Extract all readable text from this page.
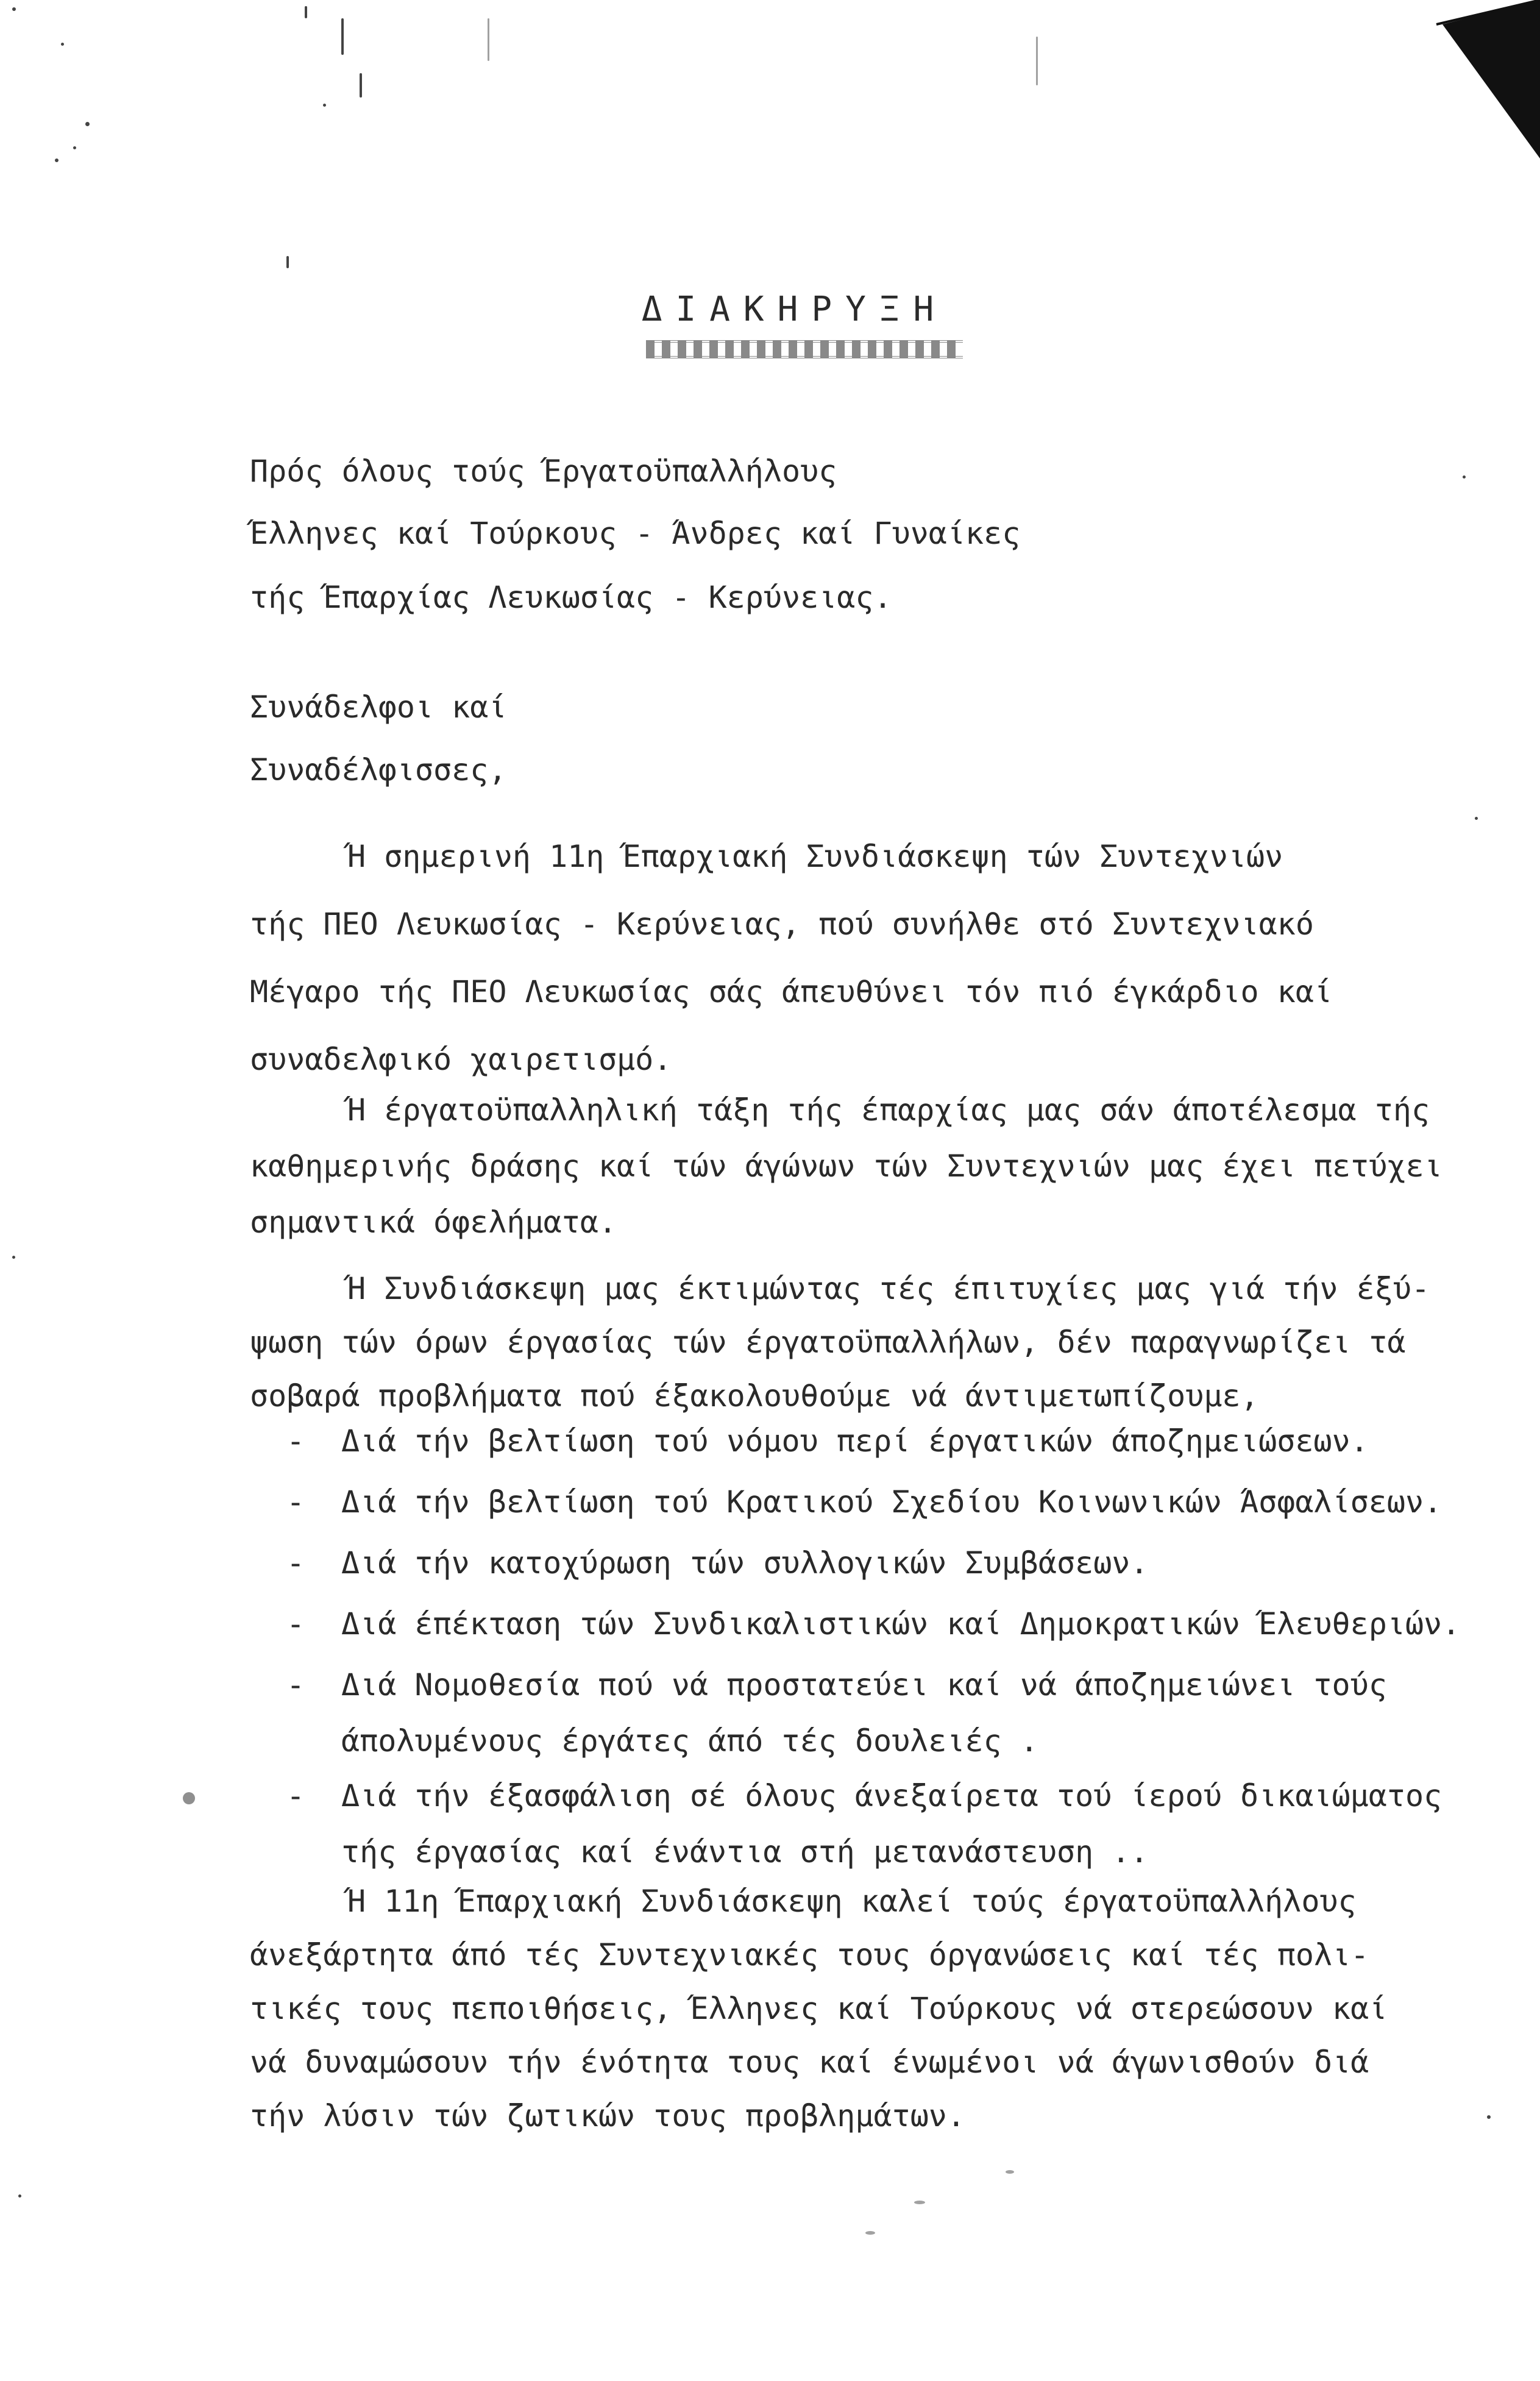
ΔΙΑΚΗΡΥΞΗ
Πρός όλους τούς Έργατοϋπαλλήλους
Έλληνες καί Τούρκους - Άνδρες καί Γυναίκες
τής Έπαρχίας Λευκωσίας - Κερύνειας.
Συνάδελφοι καί
Συναδέλφισσες,
Ή σημερινή 11η Έπαρχιακή Συνδιάσκεψη τών Συντεχνιών
τής ΠΕΟ Λευκωσίας - Κερύνειας, πού συνήλθε στό Συντεχνιακό
Μέγαρο τής ΠΕΟ Λευκωσίας σάς άπευθύνει τόν πιό έγκάρδιο καί
συναδελφικό χαιρετισμό.
Ή έργατοϋπαλληλική τάξη τής έπαρχίας μας σάν άποτέλεσμα τής
καθημερινής δράσης καί τών άγώνων τών Συντεχνιών μας έχει πετύχει
σημαντικά όφελήματα.
Ή Συνδιάσκεψη μας έκτιμώντας τές έπιτυχίες μας γιά τήν έξύ-
ψωση τών όρων έργασίας τών έργατοϋπαλλήλων, δέν παραγνωρίζει τά
σοβαρά προβλήματα πού έξακολουθούμε νά άντιμετωπίζουμε,
- Διά τήν βελτίωση τού νόμου περί έργατικών άποζημειώσεων.
- Διά τήν βελτίωση τού Κρατικού Σχεδίου Κοινωνικών Άσφαλίσεων.
- Διά τήν κατοχύρωση τών συλλογικών Συμβάσεων.
- Διά έπέκταση τών Συνδικαλιστικών καί Δημοκρατικών Έλευθεριών.
- Διά Νομοθεσία πού νά προστατεύει καί νά άποζημειώνει τούς
άπολυμένους έργάτες άπό τές δουλειές .
- Διά τήν έξασφάλιση σέ όλους άνεξαίρετα τού ίερού δικαιώματος
τής έργασίας καί ένάντια στή μετανάστευση ..
Ή 11η Έπαρχιακή Συνδιάσκεψη καλεί τούς έργατοϋπαλλήλους
άνεξάρτητα άπό τές Συντεχνιακές τους όργανώσεις καί τές πολι-
τικές τους πεποιθήσεις, Έλληνες καί Τούρκους νά στερεώσουν καί
νά δυναμώσουν τήν ένότητα τους καί ένωμένοι νά άγωνισθούν διά
τήν λύσιν τών ζωτικών τους προβλημάτων.
